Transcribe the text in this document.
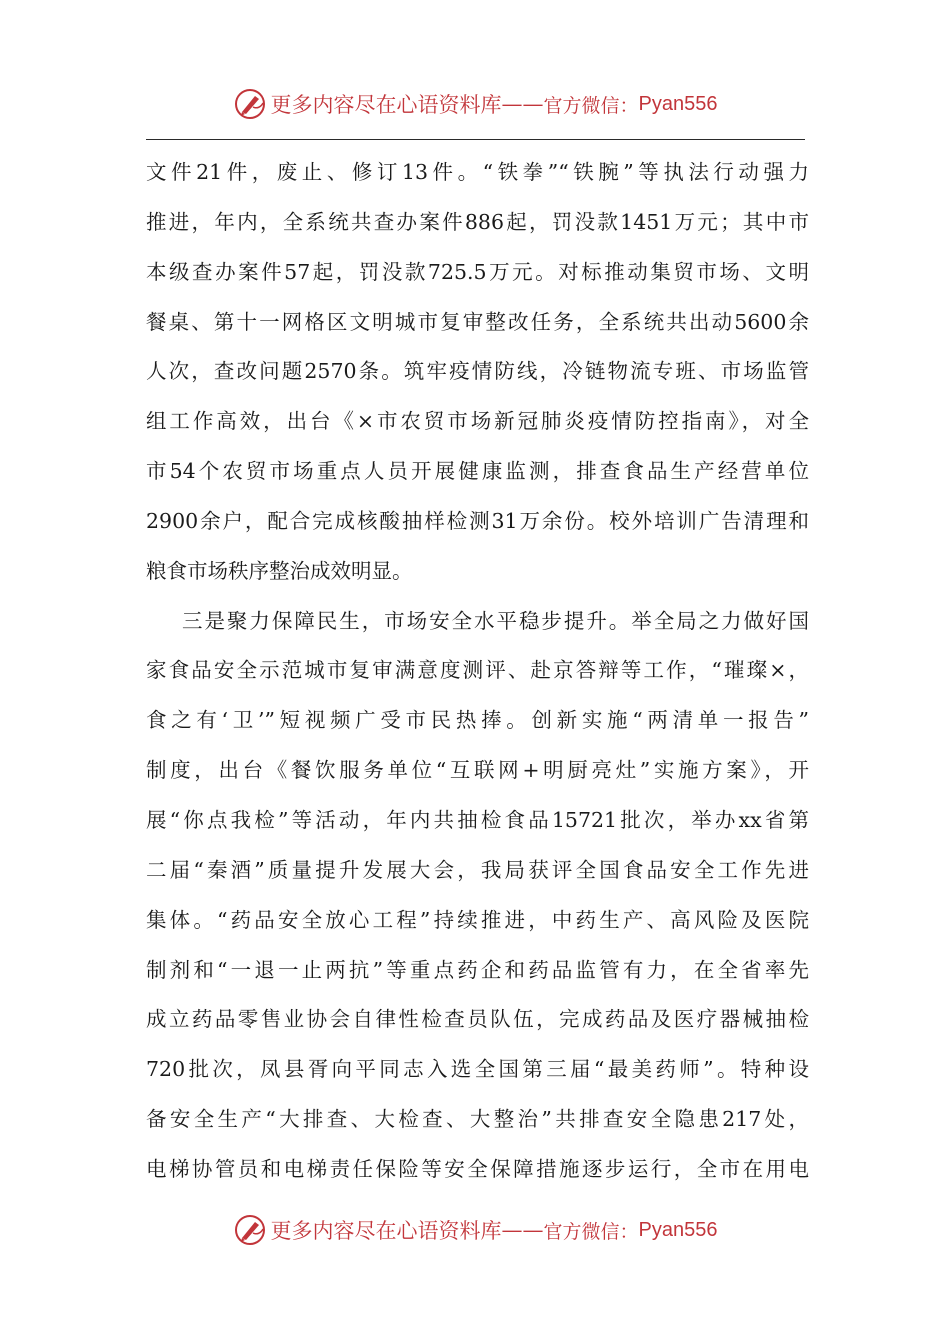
更多内容尽在心语资料库 —— 官方微信： Pyan556
文件21件，废止、修订13件。“铁拳”“铁腕”等执法行动强力
推进，年内，全系统共查办案件886起，罚没款1451万元；其中市
本级查办案件57起，罚没款725.5万元。对标推动集贸市场、文明
餐桌、第十一网格区文明城市复审整改任务，全系统共出动5600余
人次，查改问题2570条。筑牢疫情防线，冷链物流专班、市场监管
组工作高效，出台《×市农贸市场新冠肺炎疫情防控指南》，对全
市54个农贸市场重点人员开展健康监测，排查食品生产经营单位
2900余户，配合完成核酸抽样检测31万余份。校外培训广告清理和
粮食市场秩序整治成效明显。
三是聚力保障民生，市场安全水平稳步提升。举全局之力做好国
家食品安全示范城市复审满意度测评、赴京答辩等工作，“璀璨×，
食之有‘卫’”短视频广受市民热捧。创新实施“两清单一报告”
制度，出台《餐饮服务单位“互联网+明厨亮灶”实施方案》，开
展“你点我检”等活动，年内共抽检食品15721批次，举办xx省第
二届“秦酒”质量提升发展大会，我局获评全国食品安全工作先进
集体。“药品安全放心工程”持续推进，中药生产、高风险及医院
制剂和“一退一止两抗”等重点药企和药品监管有力，在全省率先
成立药品零售业协会自律性检查员队伍，完成药品及医疗器械抽检
720批次，凤县胥向平同志入选全国第三届“最美药师”。特种设
备安全生产“大排查、大检查、大整治”共排查安全隐患217处，
电梯协管员和电梯责任保险等安全保障措施逐步运行，全市在用电
更多内容尽在心语资料库 —— 官方微信： Pyan556
